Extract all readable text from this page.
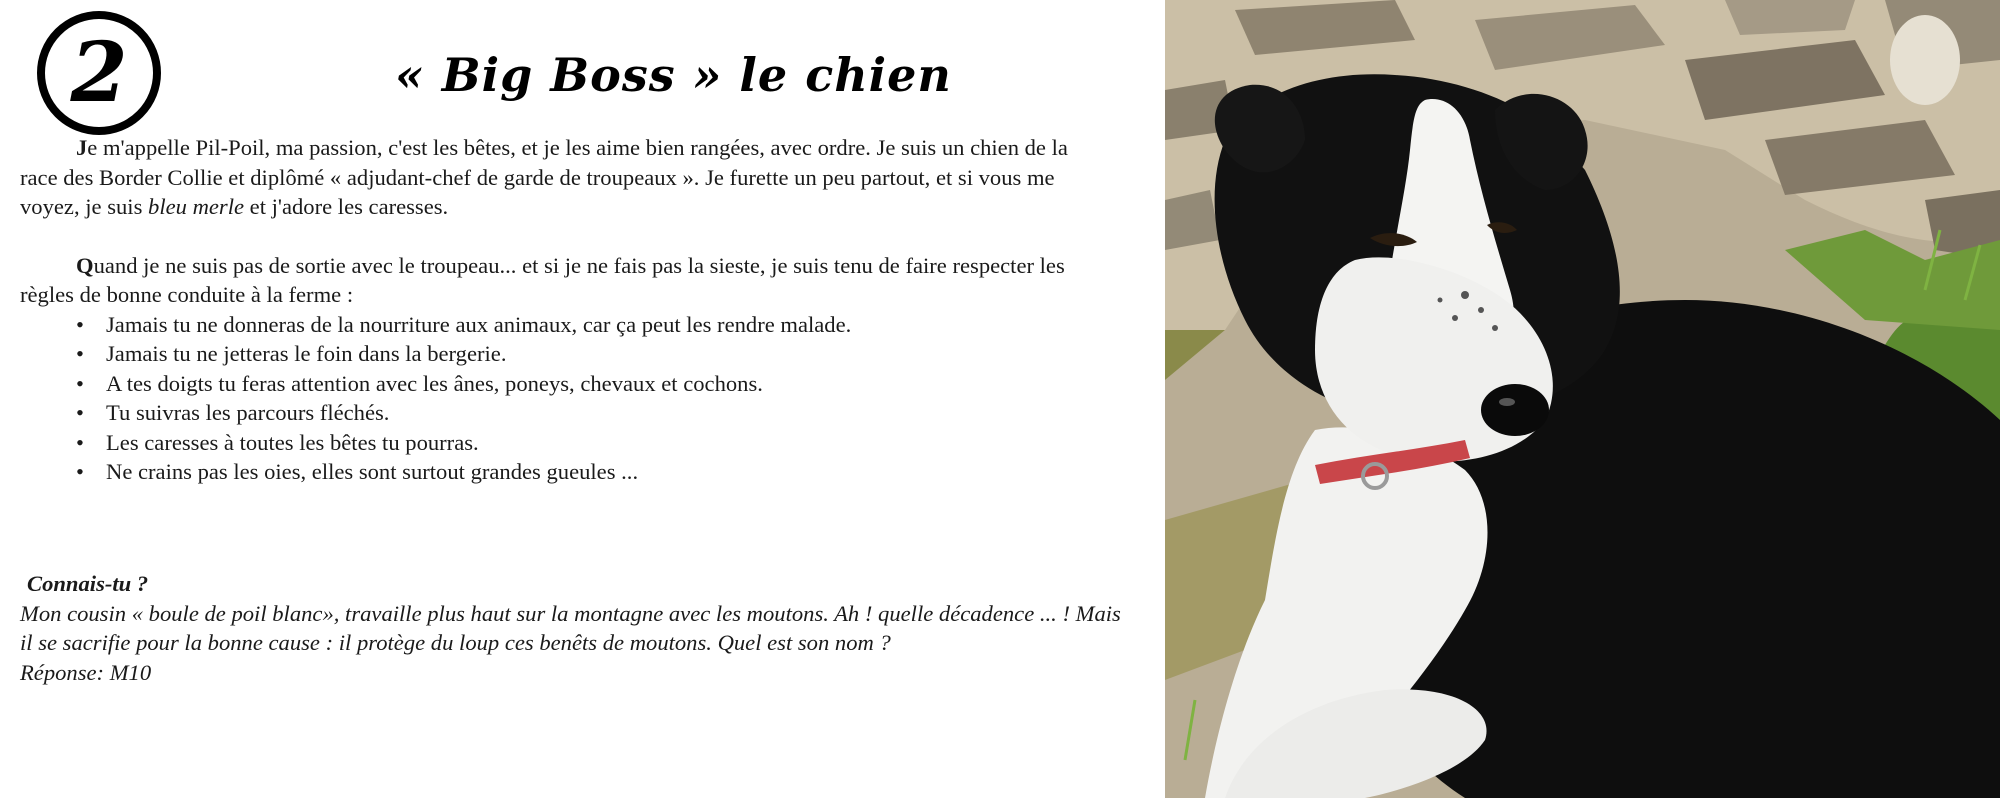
2	« Big Boss » le chien

Je m'appelle Pil-Poil, ma passion, c'est les bêtes, et je les aime bien rangées, avec ordre. Je suis un chien de la race des Border Collie et diplômé « adjudant-chef de garde de troupeaux ». Je furette un peu partout, et si vous me voyez, je suis bleu merle et j'adore les caresses.

Quand je ne suis pas de sortie avec le troupeau... et si je ne fais pas la sieste, je suis tenu de faire respecter les règles de bonne conduite à la ferme :

• Jamais tu ne donneras de la nourriture aux animaux, car ça peut les rendre malade.
• Jamais tu ne jetteras le foin dans la bergerie.
• A tes doigts tu feras attention avec les ânes, poneys, chevaux et cochons.
• Tu suivras les parcours fléchés.
• Les caresses à toutes les bêtes tu pourras.
• Ne crains pas les oies, elles sont surtout grandes gueules ...
Connais-tu ?
Mon cousin « boule de poil blanc», travaille plus haut sur la montagne avec les moutons. Ah ! quelle décadence ... ! Mais il se sacrifie pour la bonne cause : il protège du loup ces benêts de moutons. Quel est son nom ?
Réponse: M10
